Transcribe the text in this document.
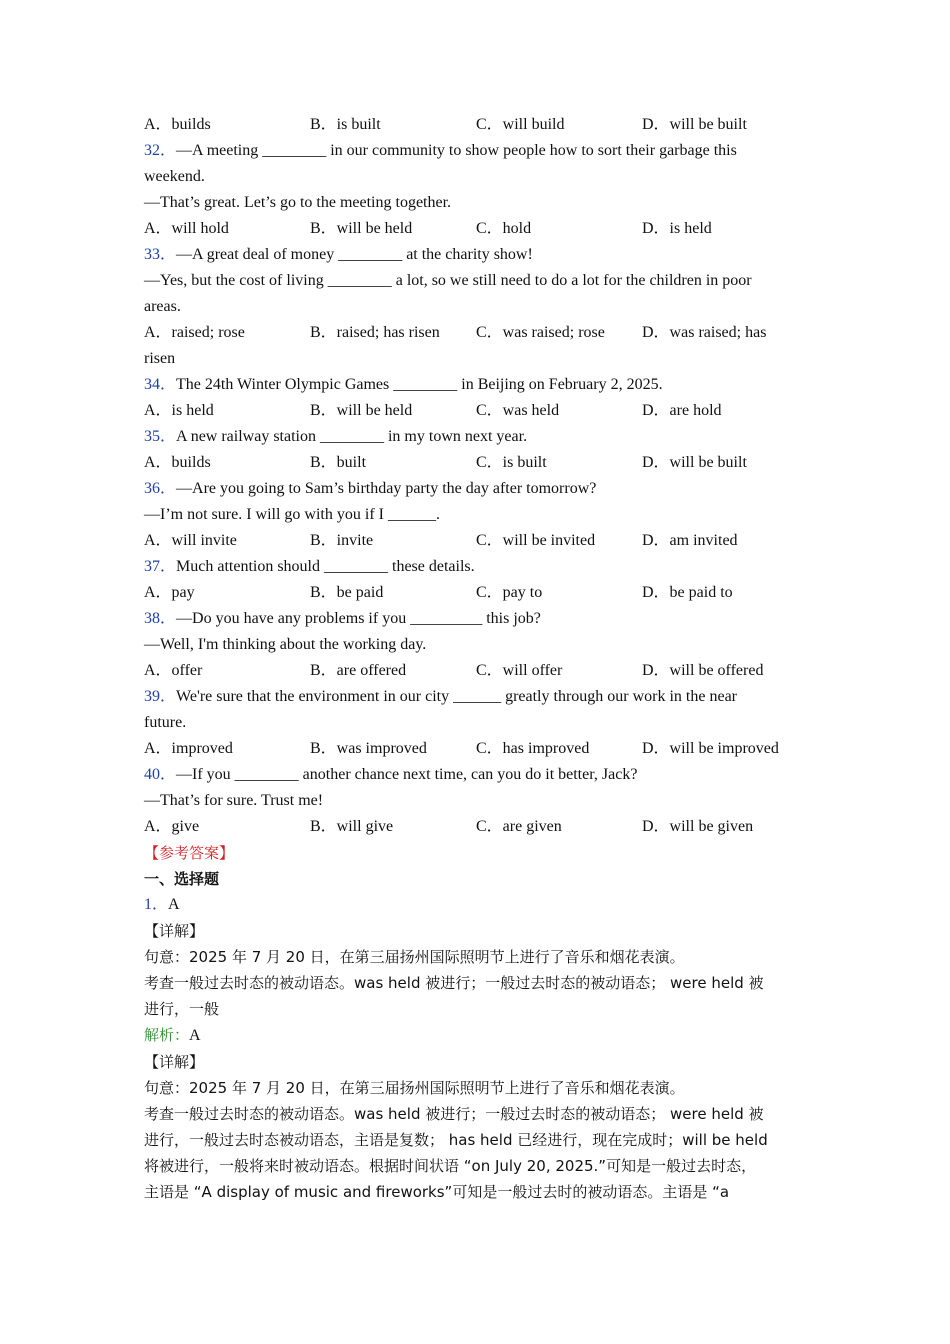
A．builds	B．is built	C．will build	D．will be built
32．—A meeting ________ in our community to show people how to sort their garbage this
weekend.
—That’s great. Let’s go to the meeting together.
A．will hold	B．will be held	C．hold	D．is held
33．—A great deal of money ________ at the charity show!
—Yes, but the cost of living ________ a lot, so we still need to do a lot for the children in poor
areas.
A．raised; rose	B．raised; has risen	C．was raised; rose	D．was raised; has
risen
34．The 24th Winter Olympic Games ________ in Beijing on February 2, 2025.
A．is held	B．will be held	C．was held	D．are hold
35．A new railway station ________ in my town next year.
A．builds	B．built	C．is built	D．will be built
36．—Are you going to Sam’s birthday party the day after tomorrow?
—I’m not sure. I will go with you if I ______.
A．will invite	B．invite	C．will be invited	D．am invited
37．Much attention should ________ these details.
A．pay	B．be paid	C．pay to	D．be paid to
38．—Do you have any problems if you _________ this job?
—Well, I'm thinking about the working day.
A．offer	B．are offered	C．will offer	D．will be offered
39．We're sure that the environment in our city ______ greatly through our work in the near
future.
A．improved	B．was improved	C．has improved	D．will be improved
40．—If you ________ another chance next time, can you do it better, Jack?
—That’s for sure. Trust me!
A．give	B．will give	C．are given	D．will be given
【参考答案】
一、选择题
1．A
【详解】
句意：2025 年 7 月 20 日，在第三届扬州国际照明节上进行了音乐和烟花表演。
考查一般过去时态的被动语态。was held 被进行；一般过去时态的被动语态； were held 被
进行，一般
解析：A
【详解】
句意：2025 年 7 月 20 日，在第三届扬州国际照明节上进行了音乐和烟花表演。
考查一般过去时态的被动语态。was held 被进行；一般过去时态的被动语态； were held 被
进行，一般过去时态被动语态，主语是复数； has held 已经进行，现在完成时；will be held
将被进行，一般将来时被动语态。根据时间状语 “on July 20, 2025.”可知是一般过去时态，
主语是 “A display of music and fireworks”可知是一般过去时的被动语态。主语是 “a
